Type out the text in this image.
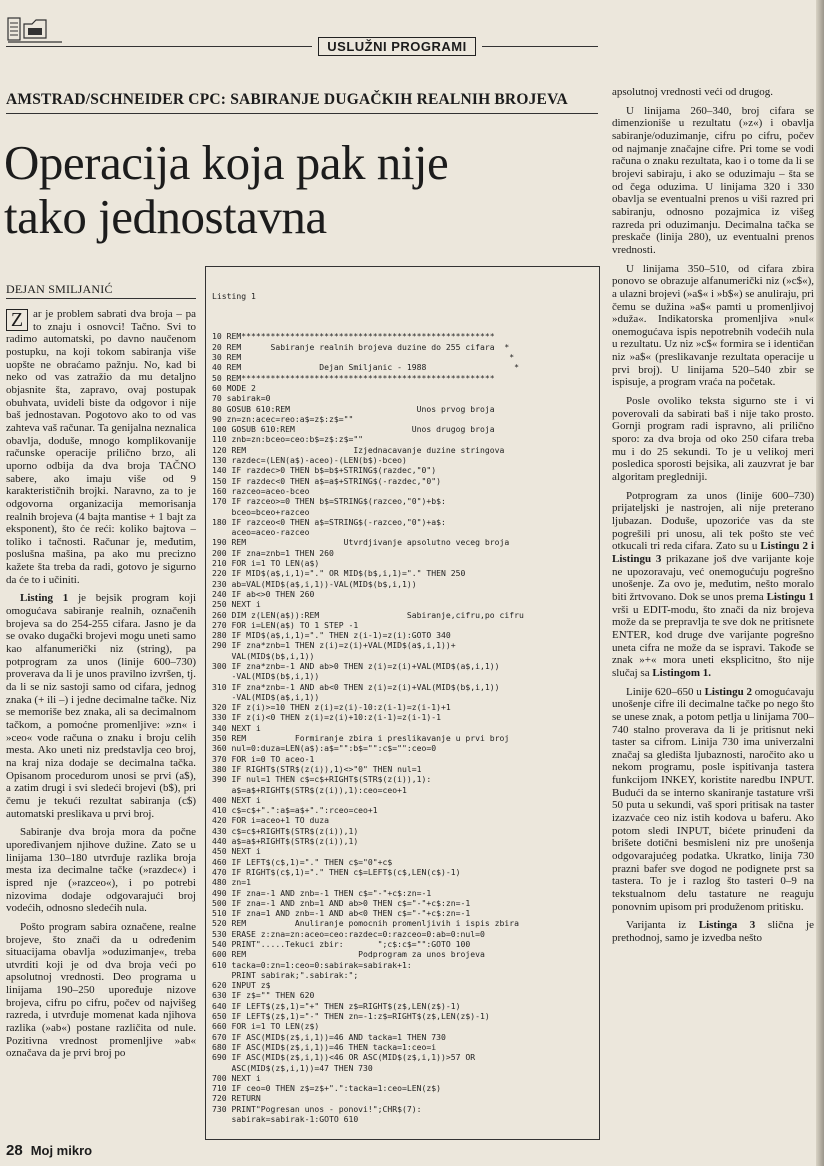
USLUŽNI PROGRAMI
AMSTRAD/SCHNEIDER CPC: SABIRANJE DUGAČKIH REALNIH BROJEVA
Operacija koja pak nije
tako jednostavna
DEJAN SMILJANIĆ

Z ar je problem sabrati dva broja – pa to znaju i osnovci! Tačno. Svi to radimo automatski, po davno naučenom postupku, na koji tokom sabiranja više uopšte ne obraćamo pažnju. No, kad bi neko od vas zatražio da mu detaljno objasnite šta, zapravo, ovaj postupak obuhvata, uvideli biste da odgovor i nije baš jednostavan. Pogotovo ako to od vas zahteva vaš računar. Ta genijalna neznalica obavlja, doduše, mnogo komplikovanije računske operacije prilično brzo, ali uporno odbija da dva broja TAČNO sabere, ako imaju više od 9 karakterističnih brojki. Naravno, za to je odgovorna organizacija memorisanja realnih brojeva (4 bajta mantise + 1 bajt za eksponent), što će reći: koliko bajtova – toliko i tačnosti. Računar je, međutim, poslušna mašina, pa ako mu precizno kažete šta treba da radi, gotovo je sigurno da će to i učiniti.

Listing 1 je bejsik program koji omogućava sabiranje realnih, označenih brojeva sa do 254-255 cifara. Jasno je da se ovako dugački brojevi mogu uneti samo kao alfanumerički niz (string), pa potprogram za unos (linije 600–730) proverava da li je unos pravilno izvršen, tj. da li se niz sastoji samo od cifara, jednog znaka (+ ili –) i jedne decimalne tačke. Niz se memoriše bez znaka, ali sa decimalnom tačkom, a pomoćne promenljive: »zn« i »ceo« vode računa o znaku i broju celih mesta. Ako uneti niz predstavlja ceo broj, na kraj niza dodaje se decimalna tačka. Opisanom procedurom unosi se prvi (a$), a zatim drugi i svi sledeći brojevi (b$), pri čemu je tekući rezultat sabiranja (c$) automatski preslikava u prvi broj.

Sabiranje dva broja mora da počne upoređivanjem njihove dužine. Zato se u linijama 130–180 utvrđuje razlika broja mesta iza decimalne tačke (»razdec«) i ispred nje (»razceo«), i po potrebi nizovima dodaje odgovarajući broj vodećih, odnosno sledećih nula.

Pošto program sabira označene, realne brojeve, što znači da u određenim situacijama obavlja »oduzimanje«, treba utvrditi koji je od dva broja veći po apsolutnoj vrednosti. Deo programa u linijama 190–250 upoređuje nizove brojeva, cifru po cifru, počev od najvišeg razreda, i utvrđuje momenat kada njihova razlika (»ab«) postane različita od nule. Pozitivna vrednost promenljive »ab« označava da je prvi broj po

Listing 1

10 REM****************************************************
20 REM      Sabiranje realnih brojeva duzine do 255 cifara  *
30 REM                                                       *
40 REM                Dejan Smiljanic - 1988                  *
50 REM****************************************************
60 MODE 2
70 sabirak=0
80 GOSUB 610:REM                          Unos prvog broja
90 zn=zn:acec=reo:a$=z$:z$=""
100 GOSUB 610:REM                        Unos drugog broja
110 znb=zn:bceo=ceo:b$=z$:z$=""
120 REM                      Izjednacavanje duzine stringova
130 razdec=(LEN(a$)-aceo)-(LEN(b$)-bceo)
140 IF razdec>0 THEN b$=b$+STRING$(razdec,"0")
150 IF razdec<0 THEN a$=a$+STRING$(-razdec,"0")
160 razceo=aceo-bceo
170 IF razceo>=0 THEN b$=STRING$(razceo,"0")+b$:
bceo=bceo+razceo
180 IF razceo<0 THEN a$=STRING$(-razceo,"0")+a$:
aceo=aceo-razceo
190 REM                    Utvrdjivanje apsolutno veceg broja
200 IF zna=znb=1 THEN 260
210 FOR i=1 TO LEN(a$)
220 IF MID$(a$,i,1)="." OR MID$(b$,i,1)="." THEN 250
230 ab=VAL(MID$(a$,i,1))-VAL(MID$(b$,i,1))
240 IF ab<>0 THEN 260
250 NEXT i
260 DIM z(LEN(a$)):REM                  Sabiranje,cifru,po cifru
270 FOR i=LEN(a$) TO 1 STEP -1
280 IF MID$(a$,i,1)="." THEN z(i-1)=z(i):GOTO 340
290 IF zna*znb=1 THEN z(i)=z(i)+VAL(MID$(a$,i,1))+
VAL(MID$(b$,i,1))
300 IF zna*znb=-1 AND ab>0 THEN z(i)=z(i)+VAL(MID$(a$,i,1))
-VAL(MID$(b$,i,1))
310 IF zna*znb=-1 AND ab<0 THEN z(i)=z(i)+VAL(MID$(b$,i,1))
-VAL(MID$(a$,i,1))
320 IF z(i)>=10 THEN z(i)=z(i)-10:z(i-1)=z(i-1)+1
330 IF z(i)<0 THEN z(i)=z(i)+10:z(i-1)=z(i-1)-1
340 NEXT i
350 REM          Formiranje zbira i preslikavanje u prvi broj
360 nul=0:duza=LEN(a$):a$="":b$="":c$="":ceo=0
370 FOR i=0 TO aceo-1
380 IF RIGHT$(STR$(z(i)),1)<>"0" THEN nul=1
390 IF nul=1 THEN c$=c$+RIGHT$(STR$(z(i)),1):
a$=a$+RIGHT$(STR$(z(i)),1):ceo=ceo+1
400 NEXT i
410 c$=c$+".":a$=a$+".":rceo=ceo+1
420 FOR i=aceo+1 TO duza
430 c$=c$+RIGHT$(STR$(z(i)),1)
440 a$=a$+RIGHT$(STR$(z(i)),1)
450 NEXT i
460 IF LEFT$(c$,1)="." THEN c$="0"+c$
470 IF RIGHT$(c$,1)="." THEN c$=LEFT$(c$,LEN(c$)-1)
480 zn=1
490 IF zna=-1 AND znb=-1 THEN c$="-"+c$:zn=-1
500 IF zna=-1 AND znb=1 AND ab>0 THEN c$="-"+c$:zn=-1
510 IF zna=1 AND znb=-1 AND ab<0 THEN c$="-"+c$:zn=-1
520 REM          Anuliranje pomocnih promenljivih i ispis zbira
530 ERASE z:zna=zn:aceo=ceo:razdec=0:razceo=0:ab=0:nul=0
540 PRINT".....Tekuci zbir:       ";c$:c$="":GOTO 100
600 REM                       Podprogram za unos brojeva
610 tacka=0:zn=1:ceo=0:sabirak=sabirak+1:
PRINT sabirak;".sabirak:";
620 INPUT z$
630 IF z$="" THEN 620
640 IF LEFT$(z$,1)="+" THEN z$=RIGHT$(z$,LEN(z$)-1)
650 IF LEFT$(z$,1)="-" THEN zn=-1:z$=RIGHT$(z$,LEN(z$)-1)
660 FOR i=1 TO LEN(z$)
670 IF ASC(MID$(z$,i,1))=46 AND tacka=1 THEN 730
680 IF ASC(MID$(z$,i,1))=46 THEN tacka=1:ceo=i
690 IF ASC(MID$(z$,i,1))<46 OR ASC(MID$(z$,i,1))>57 OR
ASC(MID$(z$,i,1))=47 THEN 730
700 NEXT i
710 IF ceo=0 THEN z$=z$+".":tacka=1:ceo=LEN(z$)
720 RETURN
730 PRINT"Pogresan unos - ponovi!";CHR$(7):
sabirak=sabirak-1:GOTO 610

apsolutnoj vrednosti veći od drugog.

U linijama 260–340, broj cifara se dimenzioniše u rezultatu (»z«) i obavlja sabiranje/oduzimanje, cifru po cifru, počev od najmanje značajne cifre. Pri tome se vodi računa o znaku rezultata, kao i o tome da li se brojevi sabiraju, i ako se oduzimaju – šta se od čega oduzima. U linijama 320 i 330 obavlja se eventualni prenos u viši razred pri sabiranju, odnosno pozajmica iz višeg razreda pri oduzimanju. Decimalna tačka se preskače (linija 280), uz eventualni prenos vrednosti.

U linijama 350–510, od cifara zbira ponovo se obrazuje alfanumerički niz (»c$«), a ulazni brojevi (»a$« i »b$«) se anuliraju, pri čemu se dužina »a$« pamti u promenljivoj »duža«. Indikatorska promenljiva »nul« onemogućava ispis nepotrebnih vodećih nula u rezultatu. Uz niz »c$« formira se i identičan niz »a$« (preslikavanje rezultata operacije u prvi broj). U linijama 520–540 zbir se ispisuje, a program vraća na početak.

Posle ovoliko teksta sigurno ste i vi poverovali da sabirati baš i nije tako prosto. Gornji program radi ispravno, ali prilično sporo: za dva broja od oko 250 cifara treba mu i do 25 sekundi. To je u velikoj meri posledica sporosti bejsika, ali zauzvrat je bar algoritam pregledniji.

Potprogram za unos (linije 600–730) prijateljski je nastrojen, ali nije preterano ljubazan. Doduše, upozoriće vas da ste pogrešili pri unosu, ali tek pošto ste već otkucali tri reda cifara. Zato su u Listingu 2 i Listingu 3 prikazane još dve varijante koje ne upozoravaju, već onemogućuju pogrešno unošenje. Za ovo je, međutim, nešto moralo biti žrtvovano. Dok se unos prema Listingu 1 vrši u EDIT-modu, što znači da niz brojeva može da se prepravlja te sve dok ne pritisnete ENTER, kod druge dve varijante pogrešno uneta cifra ne može da se ispravi. Takođe se znak »+« mora uneti eksplicitno, što nije slučaj sa Listingom 1.

Linije 620–650 u Listingu 2 omogućavaju unošenje cifre ili decimalne tačke po nego što se unese znak, a potom petlja u linijama 700–740 stalno proverava da li je pritisnut neki taster sa cifrom. Linija 730 ima univerzalni značaj sa gledišta ljubaznosti, naročito ako u nekom programu, posle ispitivanja tastera funkcijom INKEY, koristite naredbu INPUT. Budući da se interno skaniranje tastature vrši 50 puta u sekundi, vaš spori pritisak na taster izazvaće ceo niz istih kodova u baferu. Ako potom sledi INPUT, bićete prinuđeni da brišete dotični besmisleni niz pre unošenja odgovarajućeg podatka. Ukratko, linija 730 prazni bafer sve dogod ne podignete prst sa tastera. To je i razlog što tasteri 0–9 na tekstualnom delu tastature ne reaguju ponovnim upisom pri produženom pritisku.

Varijanta iz Listinga 3 slična je prethodnoj, samo je izvedba nešto

28 Moj mikro
